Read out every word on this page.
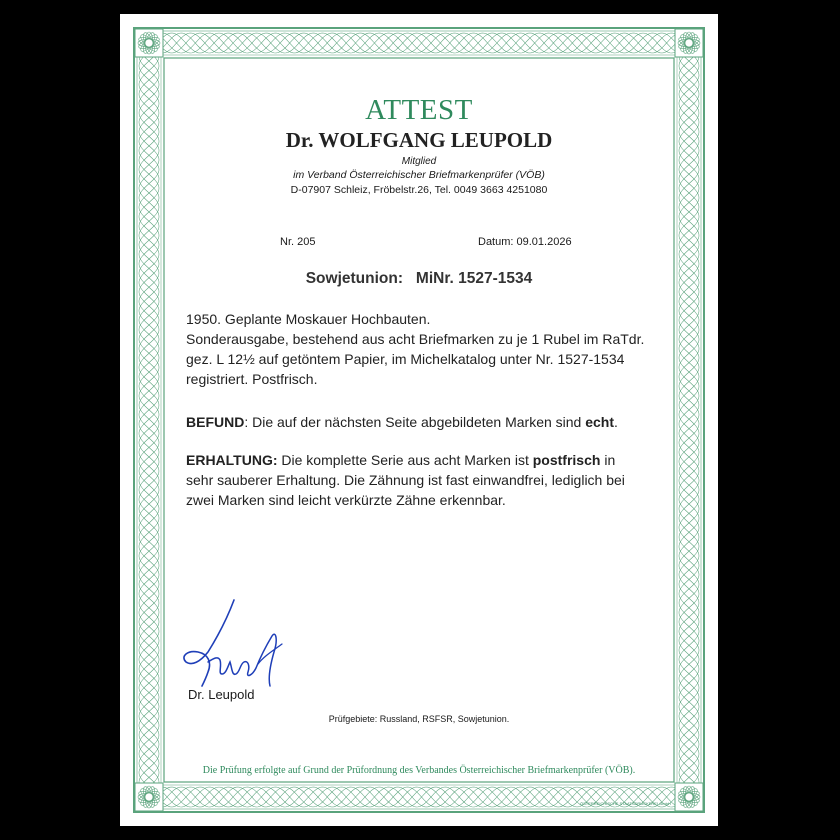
ATTEST
Dr. WOLFGANG LEUPOLD
Mitglied
im Verband Österreichischer Briefmarkenprüfer (VÖB)
D-07907 Schleiz, Fröbelstr.26, Tel. 0049 3663 4251080
Nr. 205	Datum: 09.01.2026
Sowjetunion:   MiNr. 1527-1534
1950. Geplante Moskauer Hochbauten.
Sonderausgabe, bestehend aus acht Briefmarken zu je 1 Rubel im RaTdr.
gez. L 12½ auf getöntem Papier, im Michelkatalog unter Nr. 1527-1534
registriert. Postfrisch.
BEFUND: Die auf der nächsten Seite abgebildeten Marken sind echt.
ERHALTUNG: Die komplette Serie aus acht Marken ist postfrisch in
sehr sauberer Erhaltung. Die Zähnung ist fast einwandfrei, lediglich bei
zwei Marken sind leicht verkürzte Zähne erkennbar.
Dr. Leupold
Prüfgebiete: Russland, RSFSR, Sowjetunion.
Die Prüfung erfolgte auf Grund der Prüfordnung des Verbandes Österreichischer Briefmarkenprüfer (VÖB).
ÖSTERREICHISCHE STAATSDRUCKEREI GmbH
